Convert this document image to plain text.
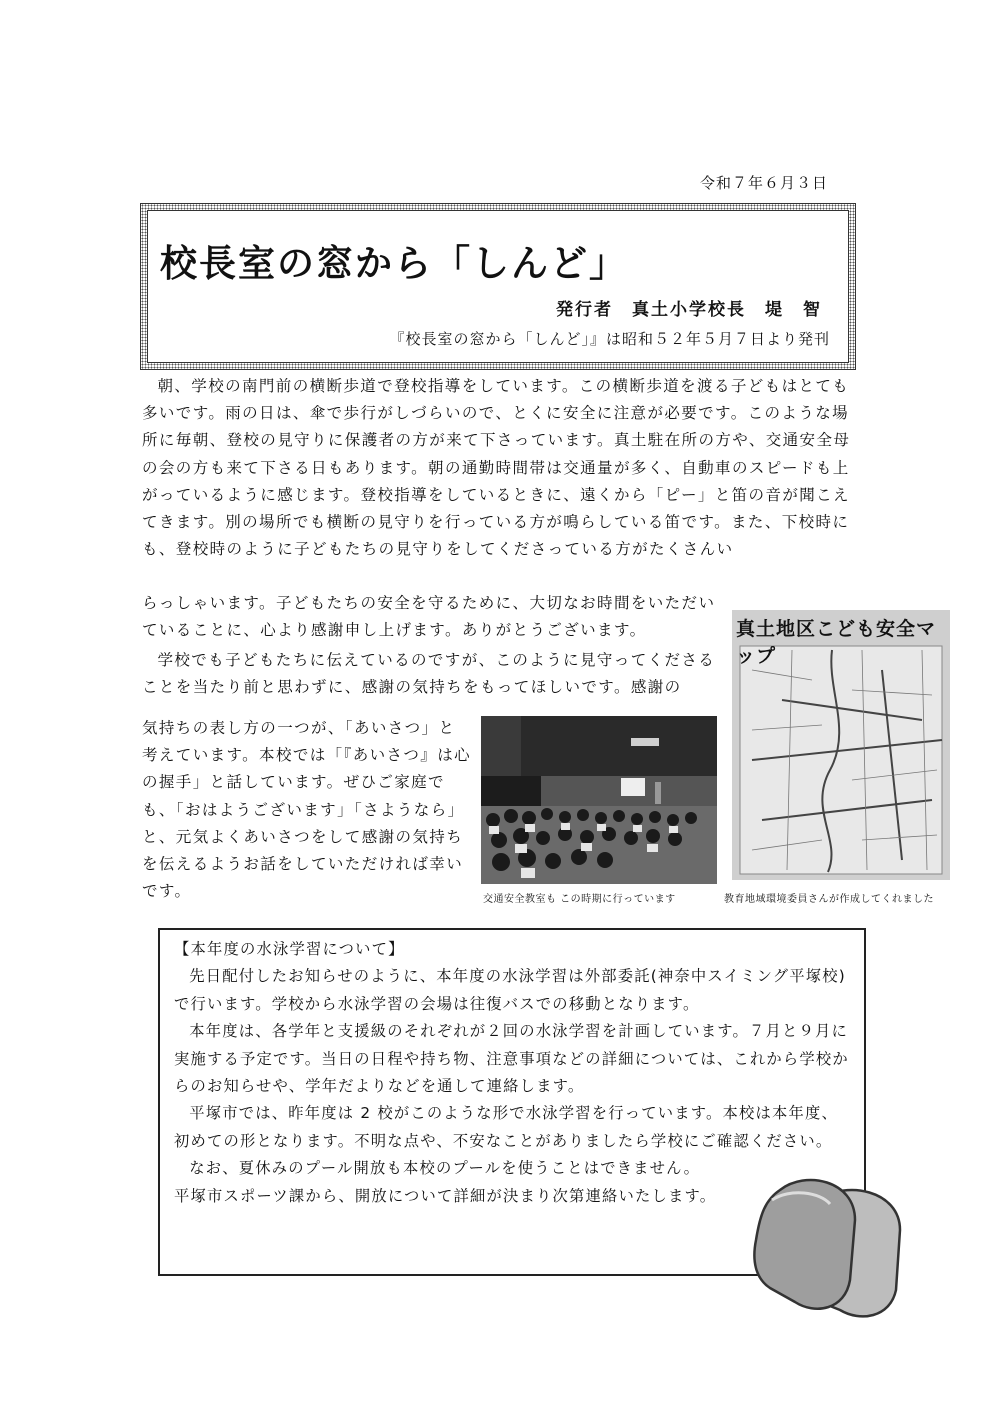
令和７年６月３日
校長室の窓から「しんど」
発行者　真土小学校長　堤　智
『校長室の窓から「しんど」』は昭和５２年５月７日より発刊
朝、学校の南門前の横断歩道で登校指導をしています。この横断歩道を渡る子どもはとても多いです。雨の日は、傘で歩行がしづらいので、とくに安全に注意が必要です。このような場所に毎朝、登校の見守りに保護者の方が来て下さっています。真土駐在所の方や、交通安全母の会の方も来て下さる日もあります。朝の通勤時間帯は交通量が多く、自動車のスピードも上がっているように感じます。登校指導をしているときに、遠くから「ピー」と笛の音が聞こえてきます。別の場所でも横断の見守りを行っている方が鳴らしている笛です。また、下校時にも、登校時のように子どもたちの見守りをしてくださっている方がたくさんい
らっしゃいます。子どもたちの安全を守るために、大切なお時間をいただいていることに、心より感謝申し上げます。ありがとうございます。
学校でも子どもたちに伝えているのですが、このように見守ってくださることを当たり前と思わずに、感謝の気持ちをもってほしいです。感謝の
気持ちの表し方の一つが、「あいさつ」と考えています。本校では「『あいさつ』は心の握手」と話しています。ぜひご家庭でも、「おはようございます」「さようなら」と、元気よくあいさつをして感謝の気持ちを伝えるようお話をしていただければ幸いです。
真土地区こども安全マップ
交通安全教室も この時期に行っています	教育地域環境委員さんが作成してくれました

【本年度の水泳学習について】

先日配付したお知らせのように、本年度の水泳学習は外部委託(神奈中スイミング平塚校)で行います。学校から水泳学習の会場は往復バスでの移動となります。

本年度は、各学年と支援級のそれぞれが２回の水泳学習を計画しています。７月と９月に実施する予定です。当日の日程や持ち物、注意事項などの詳細については、これから学校からのお知らせや、学年だよりなどを通して連絡します。

平塚市では、昨年度は 2 校がこのような形で水泳学習を行っています。本校は本年度、初めての形となります。不明な点や、不安なことがありましたら学校にご確認ください。

なお、夏休みのプール開放も本校のプールを使うことはできません。

平塚市スポーツ課から、開放について詳細が決まり次第連絡いたします。
